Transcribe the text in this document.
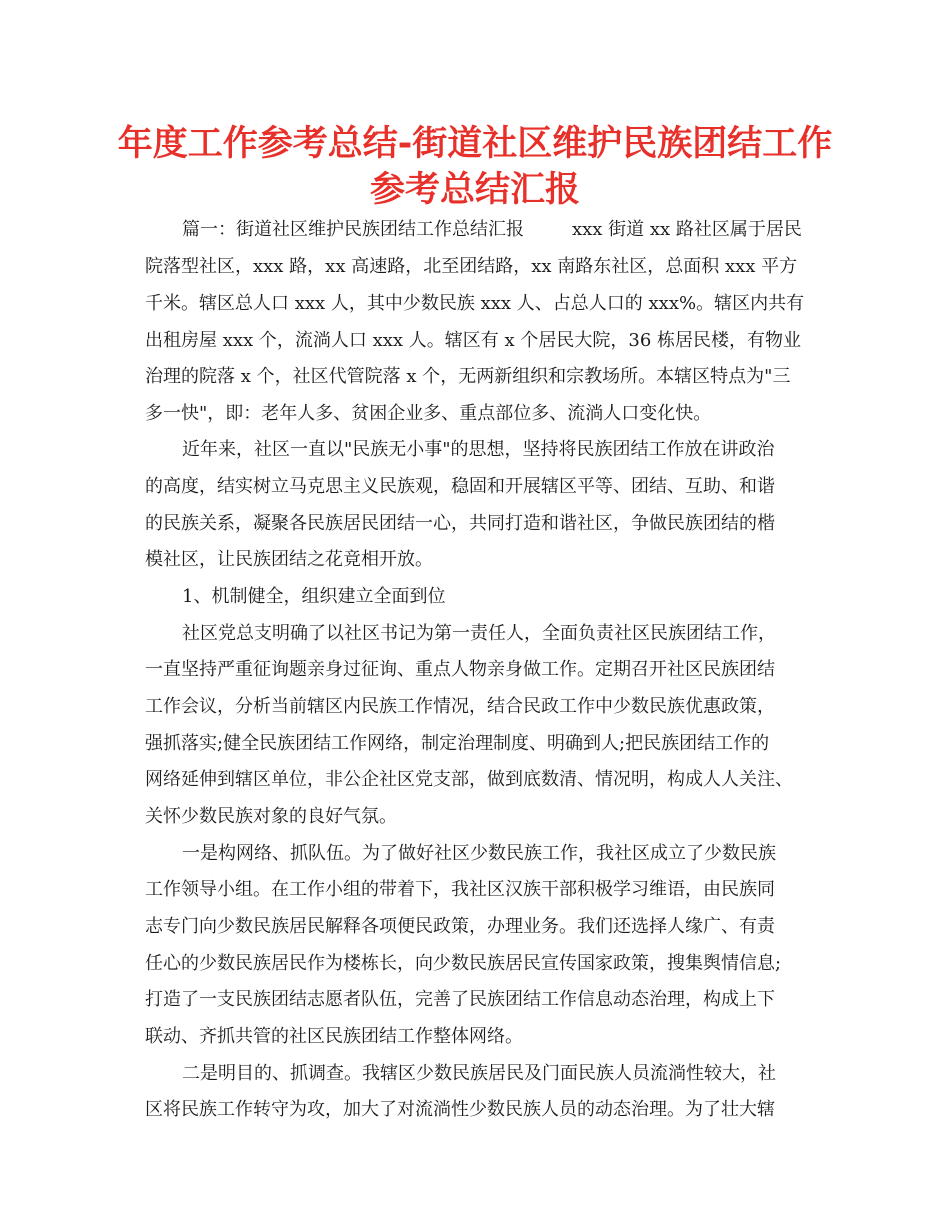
年度工作参考总结-街道社区维护民族团结工作
参考总结汇报

篇一：街道社区维护民族团结工作总结汇报	xxx 街道 xx 路社区属于居民

院落型社区，xxx 路，xx 高速路，北至团结路，xx 南路东社区，总面积 xxx 平方

千米。辖区总人口 xxx 人，其中少数民族 xxx 人、占总人口的 xxx%。辖区内共有

出租房屋 xxx 个，流淌人口 xxx 人。辖区有 x 个居民大院，36 栋居民楼，有物业

治理的院落 x 个，社区代管院落 x 个，无两新组织和宗教场所。本辖区特点为"三

多一快"，即：老年人多、贫困企业多、重点部位多、流淌人口变化快。

近年来，社区一直以"民族无小事"的思想，坚持将民族团结工作放在讲政治

的高度，结实树立马克思主义民族观，稳固和开展辖区平等、团结、互助、和谐

的民族关系，凝聚各民族居民团结一心，共同打造和谐社区，争做民族团结的楷

模社区，让民族团结之花竟相开放。

1、机制健全，组织建立全面到位

社区党总支明确了以社区书记为第一责任人，全面负责社区民族团结工作，

一直坚持严重征询题亲身过征询、重点人物亲身做工作。定期召开社区民族团结

工作会议，分析当前辖区内民族工作情况，结合民政工作中少数民族优惠政策，

强抓落实;健全民族团结工作网络，制定治理制度、明确到人;把民族团结工作的

网络延伸到辖区单位，非公企社区党支部，做到底数清、情况明，构成人人关注、

关怀少数民族对象的良好气氛。

一是构网络、抓队伍。为了做好社区少数民族工作，我社区成立了少数民族

工作领导小组。在工作小组的带着下，我社区汉族干部积极学习维语，由民族同

志专门向少数民族居民解释各项便民政策，办理业务。我们还选择人缘广、有责

任心的少数民族居民作为楼栋长，向少数民族居民宣传国家政策，搜集舆情信息;

打造了一支民族团结志愿者队伍，完善了民族团结工作信息动态治理，构成上下

联动、齐抓共管的社区民族团结工作整体网络。

二是明目的、抓调查。我辖区少数民族居民及门面民族人员流淌性较大，社

区将民族工作转守为攻，加大了对流淌性少数民族人员的动态治理。为了壮大辖
